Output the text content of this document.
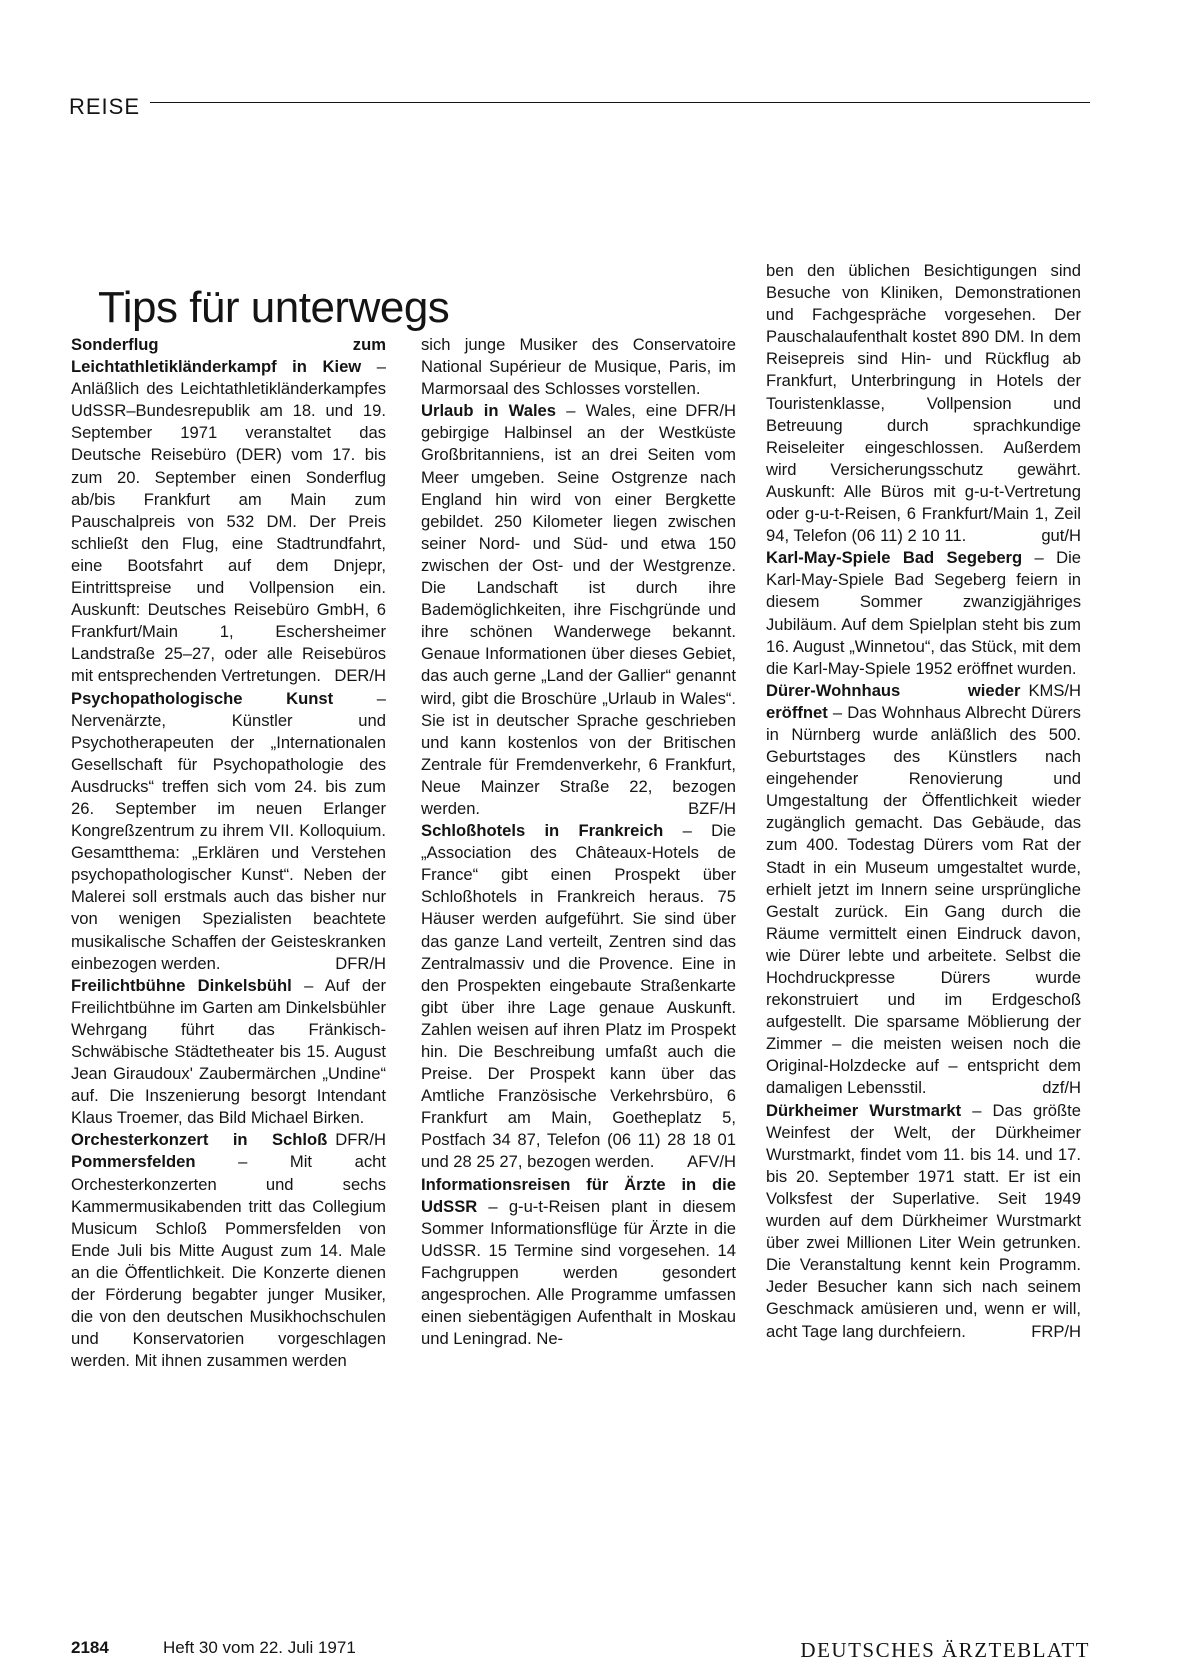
REISE
Tips für unterwegs

Sonderflug zum Leichtathletikländerkampf in Kiew – Anläßlich des Leichtathletikländerkampfes UdSSR–Bundesrepublik am 18. und 19. September 1971 veranstaltet das Deutsche Reisebüro (DER) vom 17. bis zum 20. September einen Sonderflug ab/bis Frankfurt am Main zum Pauschalpreis von 532 DM. Der Preis schließt den Flug, eine Stadtrundfahrt, eine Bootsfahrt auf dem Dnjepr, Eintrittspreise und Vollpension ein. Auskunft: Deutsches Reisebüro GmbH, 6 Frankfurt/Main 1, Eschersheimer Landstraße 25–27, oder alle Reisebüros mit entsprechenden Vertretungen. DER/H

Psychopathologische Kunst	– Nervenärzte, Künstler und Psychotherapeuten der „Internationalen Gesellschaft für Psychopathologie des Ausdrucks“ treffen sich vom 24. bis zum 26. September im neuen Erlanger Kongreßzentrum zu ihrem VII. Kolloquium. Gesamtthema: „Erklären und Verstehen psychopathologischer Kunst“. Neben der Malerei soll erstmals auch das bisher nur von wenigen Spezialisten beachtete musikalische Schaffen der Geisteskranken einbezogen werden.	DFR/H

Freilichtbühne Dinkelsbühl – Auf der Freilichtbühne im Garten am Dinkelsbühler Wehrgang führt das Fränkisch-Schwäbische Städtetheater bis 15. August Jean Giraudoux' Zaubermärchen „Undine“ auf. Die Inszenierung besorgt Intendant Klaus Troemer, das Bild Michael Birken.
DFR/H

Orchesterkonzert in Schloß Pommersfelden	– Mit acht Orchesterkonzerten und sechs Kammermusikabenden tritt das Collegium Musicum Schloß Pommersfelden von Ende Juli bis Mitte August zum 14. Male an die Öffentlichkeit. Die Konzerte dienen der Förderung begabter junger Musiker, die von den deutschen Musikhochschulen und Konservatorien vorgeschlagen werden. Mit ihnen zusammen werden

sich junge Musiker des Conservatoire National Supérieur de Musique, Paris, im Marmorsaal des Schlosses vorstellen.
DFR/H

Urlaub in Wales – Wales, eine gebirgige Halbinsel an der Westküste Großbritanniens, ist an drei Seiten vom Meer umgeben. Seine Ostgrenze nach England hin wird von einer Bergkette gebildet. 250 Kilometer liegen zwischen seiner Nord- und Süd- und etwa 150 zwischen der Ost- und der Westgrenze. Die Landschaft ist durch ihre Bademöglichkeiten, ihre Fischgründe und ihre schönen Wanderwege bekannt. Genaue Informationen über dieses Gebiet, das auch gerne „Land der Gallier“ genannt wird, gibt die Broschüre „Urlaub in Wales“. Sie ist in deutscher Sprache geschrieben und kann kostenlos von der Britischen Zentrale für Fremdenverkehr, 6 Frankfurt, Neue Mainzer Straße 22, bezogen werden.	BZF/H

Schloßhotels in Frankreich – Die „Association des Châteaux-Hotels de France“ gibt einen Prospekt über Schloßhotels in Frankreich heraus. 75 Häuser werden aufgeführt. Sie sind über das ganze Land verteilt, Zentren sind das Zentralmassiv und die Provence. Eine in den Prospekten eingebaute Straßenkarte gibt über ihre Lage genaue Auskunft. Zahlen weisen auf ihren Platz im Prospekt hin. Die Beschreibung umfaßt auch die Preise. Der Prospekt kann über das Amtliche Französische Verkehrsbüro, 6 Frankfurt am Main, Goetheplatz 5, Postfach 34 87, Telefon (06 11) 28 18 01 und 28 25 27, bezogen werden.	AFV/H

Informationsreisen für Ärzte in die UdSSR – g-u-t-Reisen plant in diesem Sommer Informationsflüge für Ärzte in die UdSSR. 15 Termine sind vorgesehen. 14 Fachgruppen werden gesondert angesprochen. Alle Programme umfassen einen siebentägigen Aufenthalt in Moskau und Leningrad. Ne-

ben den üblichen Besichtigungen sind Besuche von Kliniken, Demonstrationen und Fachgespräche vorgesehen. Der Pauschalaufenthalt kostet 890 DM. In dem Reisepreis sind Hin- und Rückflug ab Frankfurt, Unterbringung in Hotels der Touristenklasse, Vollpension und Betreuung durch sprachkundige Reiseleiter eingeschlossen. Außerdem wird Versicherungsschutz gewährt. Auskunft: Alle Büros mit g-u-t-Vertretung oder g-u-t-Reisen, 6 Frankfurt/Main 1, Zeil 94, Telefon (06 11) 2 10 11.	gut/H

Karl-May-Spiele Bad Segeberg – Die Karl-May-Spiele Bad Segeberg feiern in diesem Sommer zwanzigjähriges Jubiläum. Auf dem Spielplan steht bis zum 16. August „Winnetou“, das Stück, mit dem die Karl-May-Spiele 1952 eröffnet wurden.
KMS/H

Dürer-Wohnhaus wieder eröffnet – Das Wohnhaus Albrecht Dürers in Nürnberg wurde anläßlich des 500. Geburtstages des Künstlers nach eingehender Renovierung und Umgestaltung der Öffentlichkeit wieder zugänglich gemacht. Das Gebäude, das zum 400. Todestag Dürers vom Rat der Stadt in ein Museum umgestaltet wurde, erhielt jetzt im Innern seine ursprüngliche Gestalt zurück. Ein Gang durch die Räume vermittelt einen Eindruck davon, wie Dürer lebte und arbeitete. Selbst die Hochdruckpresse Dürers wurde rekonstruiert und im Erdgeschoß aufgestellt. Die sparsame Möblierung der Zimmer – die meisten weisen noch die Original-Holzdecke auf – entspricht dem damaligen Lebensstil.	dzf/H

Dürkheimer Wurstmarkt – Das größte Weinfest der Welt, der Dürkheimer Wurstmarkt, findet vom 11. bis 14. und 17. bis 20. September 1971 statt. Er ist ein Volksfest der Superlative. Seit 1949 wurden auf dem Dürkheimer Wurstmarkt über zwei Millionen Liter Wein getrunken. Die Veranstaltung kennt kein Programm. Jeder Besucher kann sich nach seinem Geschmack amüsieren und, wenn er will, acht Tage lang durchfeiern.	FRP/H

2184	Heft 30 vom 22. Juli 1971	DEUTSCHES ÄRZTEBLATT
